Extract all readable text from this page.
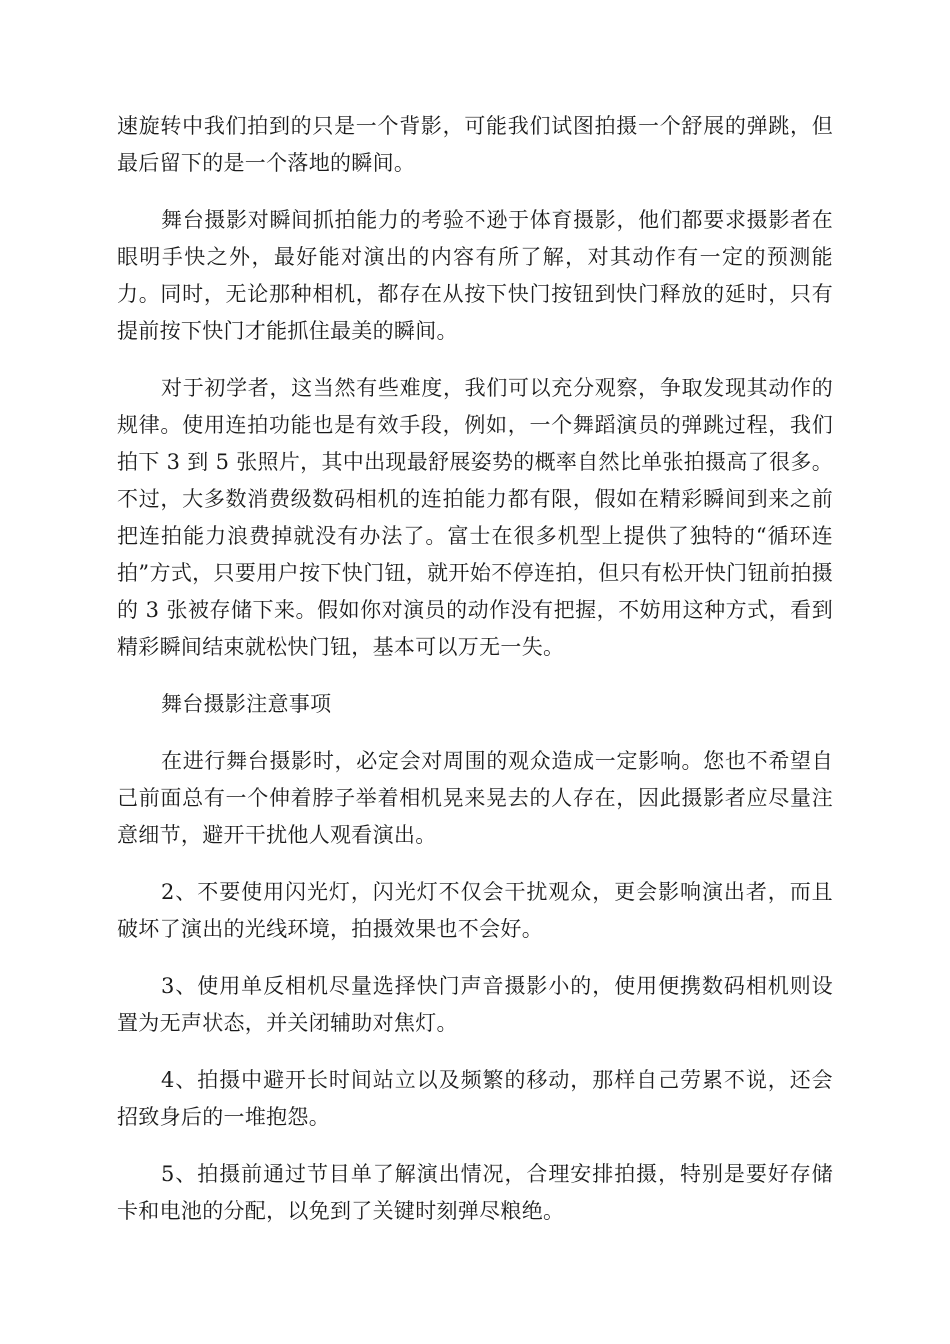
速旋转中我们拍到的只是一个背影，可能我们试图拍摄一个舒展的弹跳，但最后留下的是一个落地的瞬间。

舞台摄影对瞬间抓拍能力的考验不逊于体育摄影，他们都要求摄影者在眼明手快之外，最好能对演出的内容有所了解，对其动作有一定的预测能力。同时，无论那种相机，都存在从按下快门按钮到快门释放的延时，只有提前按下快门才能抓住最美的瞬间。

对于初学者，这当然有些难度，我们可以充分观察，争取发现其动作的规律。使用连拍功能也是有效手段，例如，一个舞蹈演员的弹跳过程，我们拍下 3 到 5 张照片，其中出现最舒展姿势的概率自然比单张拍摄高了很多。不过，大多数消费级数码相机的连拍能力都有限，假如在精彩瞬间到来之前把连拍能力浪费掉就没有办法了。富士在很多机型上提供了独特的“循环连拍”方式，只要用户按下快门钮，就开始不停连拍，但只有松开快门钮前拍摄的 3 张被存储下来。假如你对演员的动作没有把握，不妨用这种方式，看到精彩瞬间结束就松快门钮，基本可以万无一失。

舞台摄影注意事项

在进行舞台摄影时，必定会对周围的观众造成一定影响。您也不希望自己前面总有一个伸着脖子举着相机晃来晃去的人存在，因此摄影者应尽量注意细节，避开干扰他人观看演出。

2、不要使用闪光灯，闪光灯不仅会干扰观众，更会影响演出者，而且破坏了演出的光线环境，拍摄效果也不会好。

3、使用单反相机尽量选择快门声音摄影小的，使用便携数码相机则设置为无声状态，并关闭辅助对焦灯。

4、拍摄中避开长时间站立以及频繁的移动，那样自己劳累不说，还会招致身后的一堆抱怨。

5、拍摄前通过节目单了解演出情况，合理安排拍摄，特别是要好存储卡和电池的分配，以免到了关键时刻弹尽粮绝。
